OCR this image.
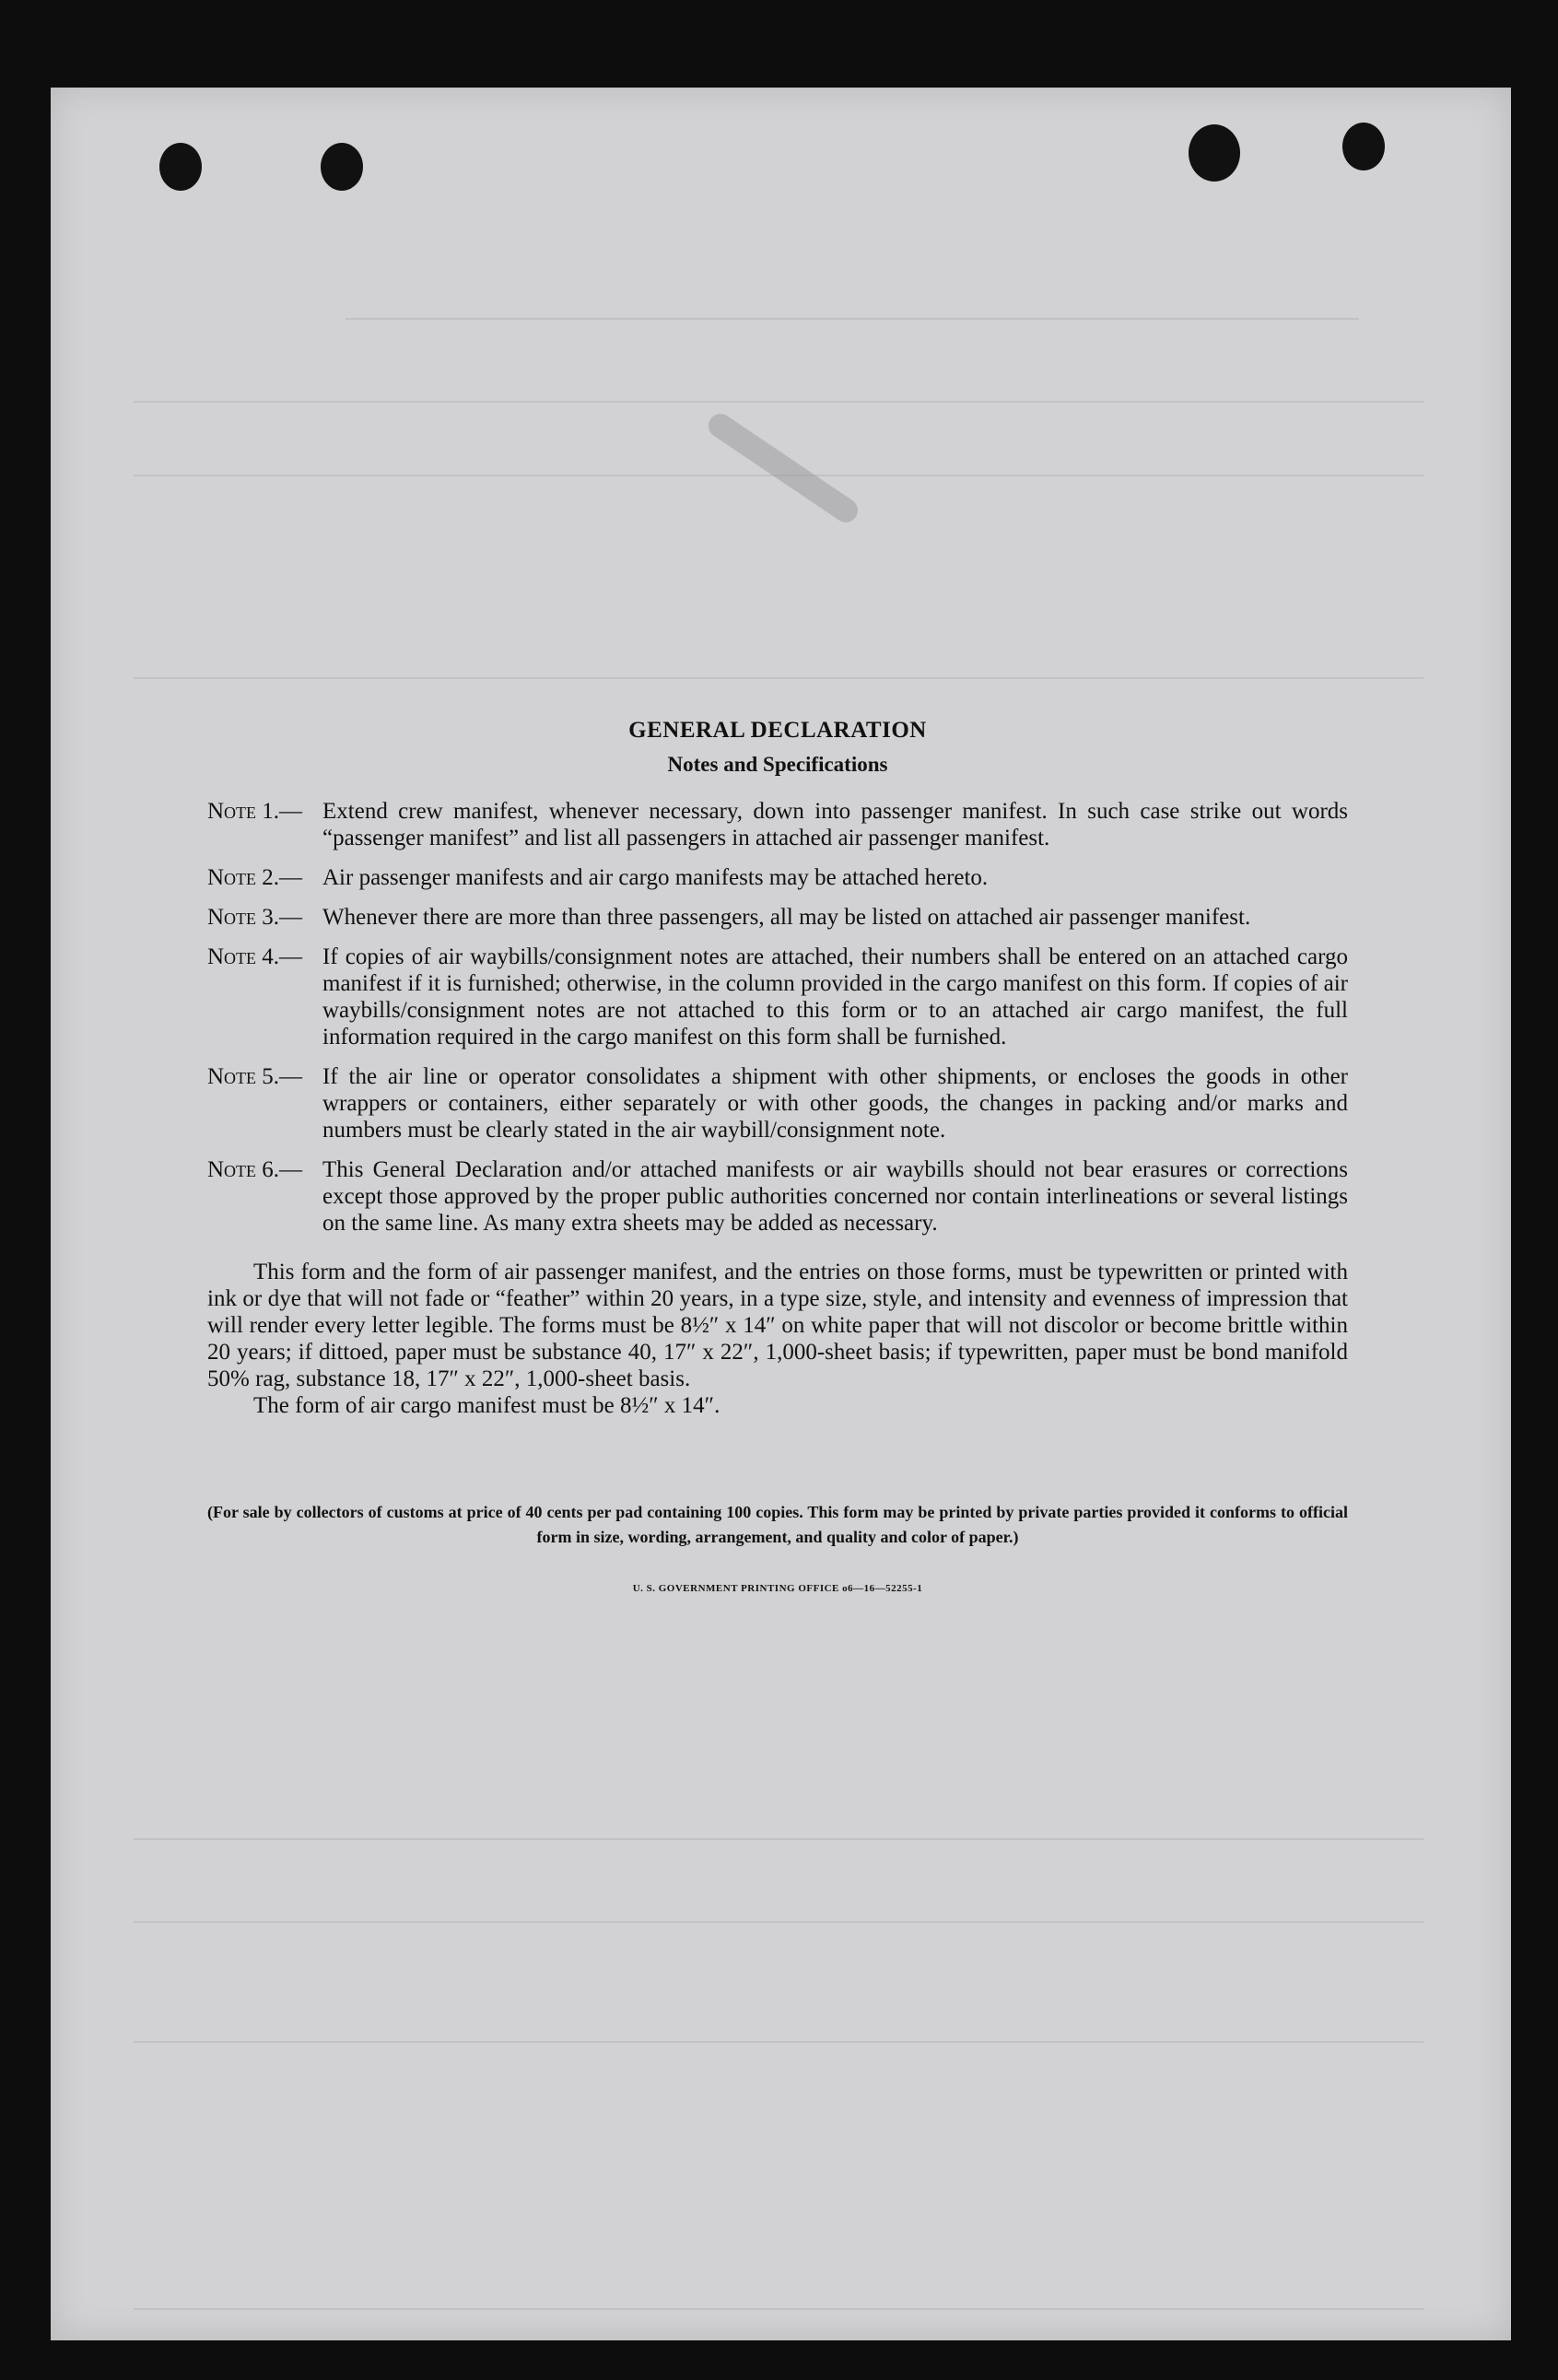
GENERAL DECLARATION
Notes and Specifications
Note 1.— Extend crew manifest, whenever necessary, down into passenger manifest. In such case strike out words “passenger manifest” and list all passengers in attached air passenger manifest.
Note 2.— Air passenger manifests and air cargo manifests may be attached hereto.
Note 3.— Whenever there are more than three passengers, all may be listed on attached air passenger manifest.
Note 4.— If copies of air waybills/consignment notes are attached, their numbers shall be entered on an attached cargo manifest if it is furnished; otherwise, in the column provided in the cargo manifest on this form. If copies of air waybills/consignment notes are not attached to this form or to an attached air cargo manifest, the full information required in the cargo manifest on this form shall be furnished.
Note 5.— If the air line or operator consolidates a shipment with other shipments, or encloses the goods in other wrappers or containers, either separately or with other goods, the changes in packing and/or marks and numbers must be clearly stated in the air waybill/consignment note.
Note 6.— This General Declaration and/or attached manifests or air waybills should not bear erasures or corrections except those approved by the proper public authorities concerned nor contain interlineations or several listings on the same line. As many extra sheets may be added as necessary.

This form and the form of air passenger manifest, and the entries on those forms, must be typewritten or printed with ink or dye that will not fade or “feather” within 20 years, in a type size, style, and intensity and evenness of impression that will render every letter legible. The forms must be 8½″ x 14″ on white paper that will not discolor or become brittle within 20 years; if dittoed, paper must be substance 40, 17″ x 22″, 1,000-sheet basis; if typewritten, paper must be bond manifold 50% rag, substance 18, 17″ x 22″, 1,000-sheet basis.

The form of air cargo manifest must be 8½″ x 14″.

(For sale by collectors of customs at price of 40 cents per pad containing 100 copies. This form may be printed by private parties provided it conforms to official form in size, wording, arrangement, and quality and color of paper.)

U. S. GOVERNMENT PRINTING OFFICE o6—16—52255-1
